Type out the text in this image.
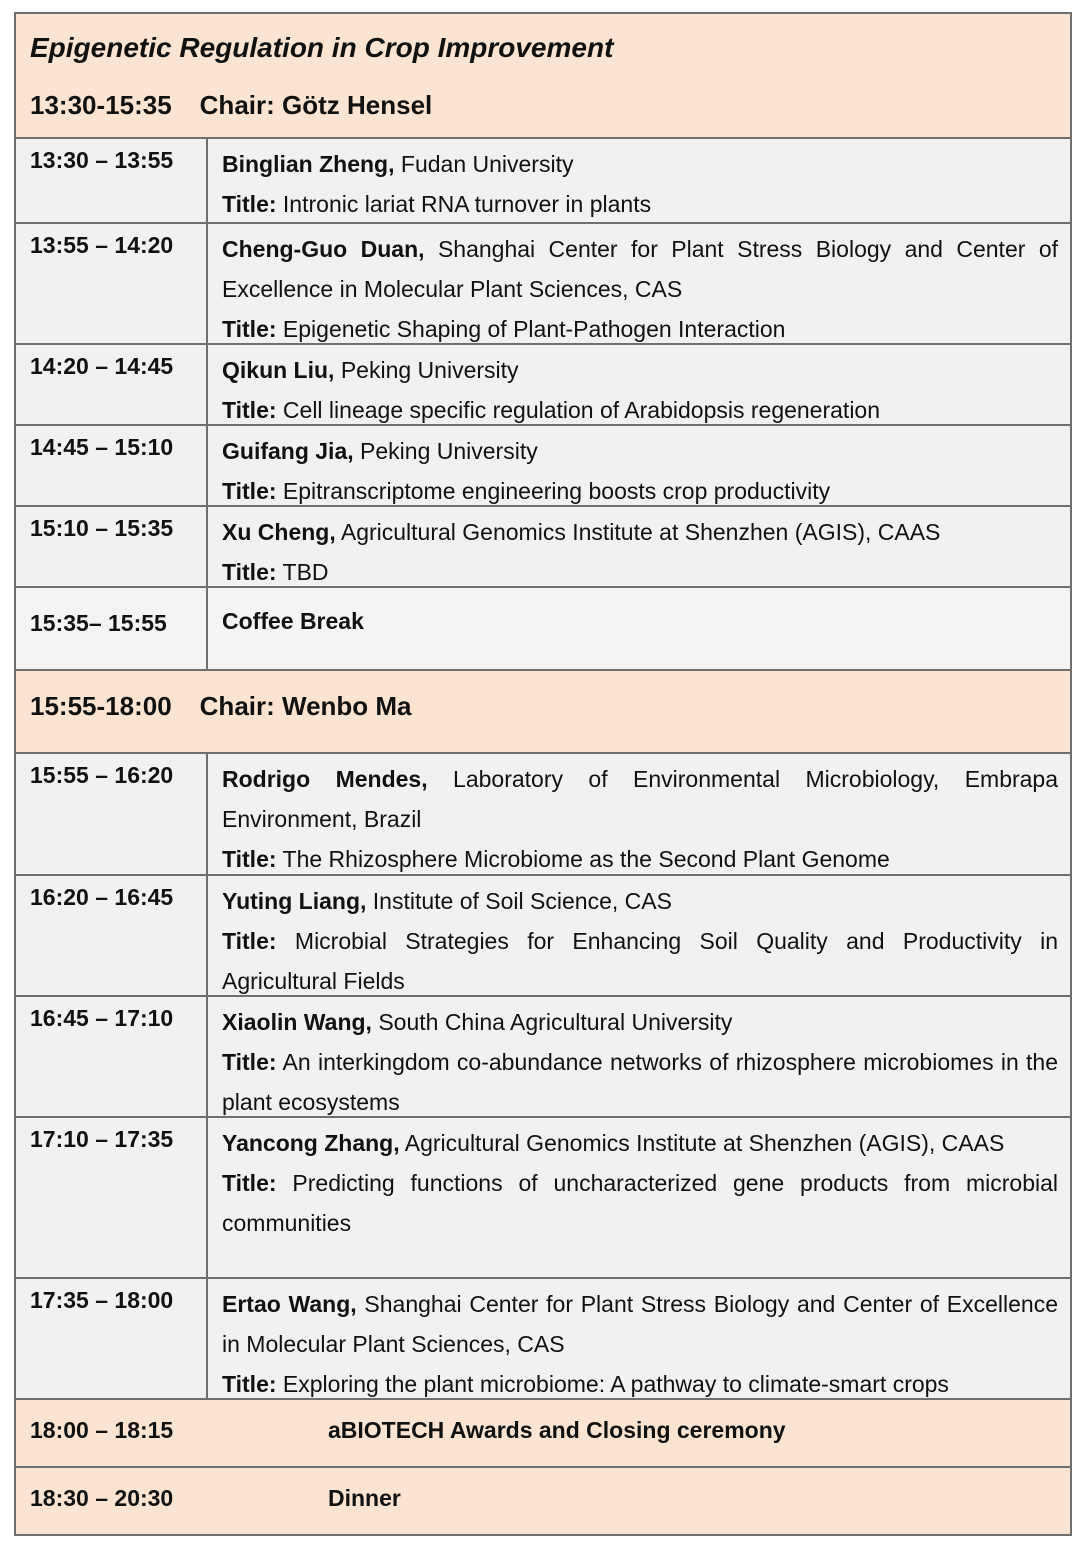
Epigenetic Regulation in Crop Improvement
13:30-15:35 Chair: Götz Hensel
13:30 – 13:55 Binglian Zheng, Fudan University

Title: Intronic lariat RNA turnover in plants

13:55 – 14:20 Cheng-Guo Duan, Shanghai Center for Plant Stress Biology and Center of Excellence in Molecular Plant Sciences, CAS

Title: Epigenetic Shaping of Plant-Pathogen Interaction

14:20 – 14:45 Qikun Liu, Peking University

Title: Cell lineage specific regulation of Arabidopsis regeneration

14:45 – 15:10 Guifang Jia, Peking University

Title: Epitranscriptome engineering boosts crop productivity

15:10 – 15:35 Xu Cheng, Agricultural Genomics Institute at Shenzhen (AGIS), CAAS

Title: TBD

15:35– 15:55 Coffee Break
15:55-18:00 Chair: Wenbo Ma
15:55 – 16:20 Rodrigo Mendes, Laboratory of Environmental Microbiology, Embrapa Environment, Brazil

Title: The Rhizosphere Microbiome as the Second Plant Genome

16:20 – 16:45 Yuting Liang, Institute of Soil Science, CAS

Title: Microbial Strategies for Enhancing Soil Quality and Productivity in Agricultural Fields

16:45 – 17:10 Xiaolin Wang, South China Agricultural University

Title: An interkingdom co-abundance networks of rhizosphere microbiomes in the plant ecosystems

17:10 – 17:35 Yancong Zhang, Agricultural Genomics Institute at Shenzhen (AGIS), CAAS

Title: Predicting functions of uncharacterized gene products from microbial communities

17:35 – 18:00 Ertao Wang, Shanghai Center for Plant Stress Biology and Center of Excellence in Molecular Plant Sciences, CAS

Title: Exploring the plant microbiome: A pathway to climate-smart crops

18:00 – 18:15	aBIOTECH Awards and Closing ceremony
18:30 – 20:30	Dinner
